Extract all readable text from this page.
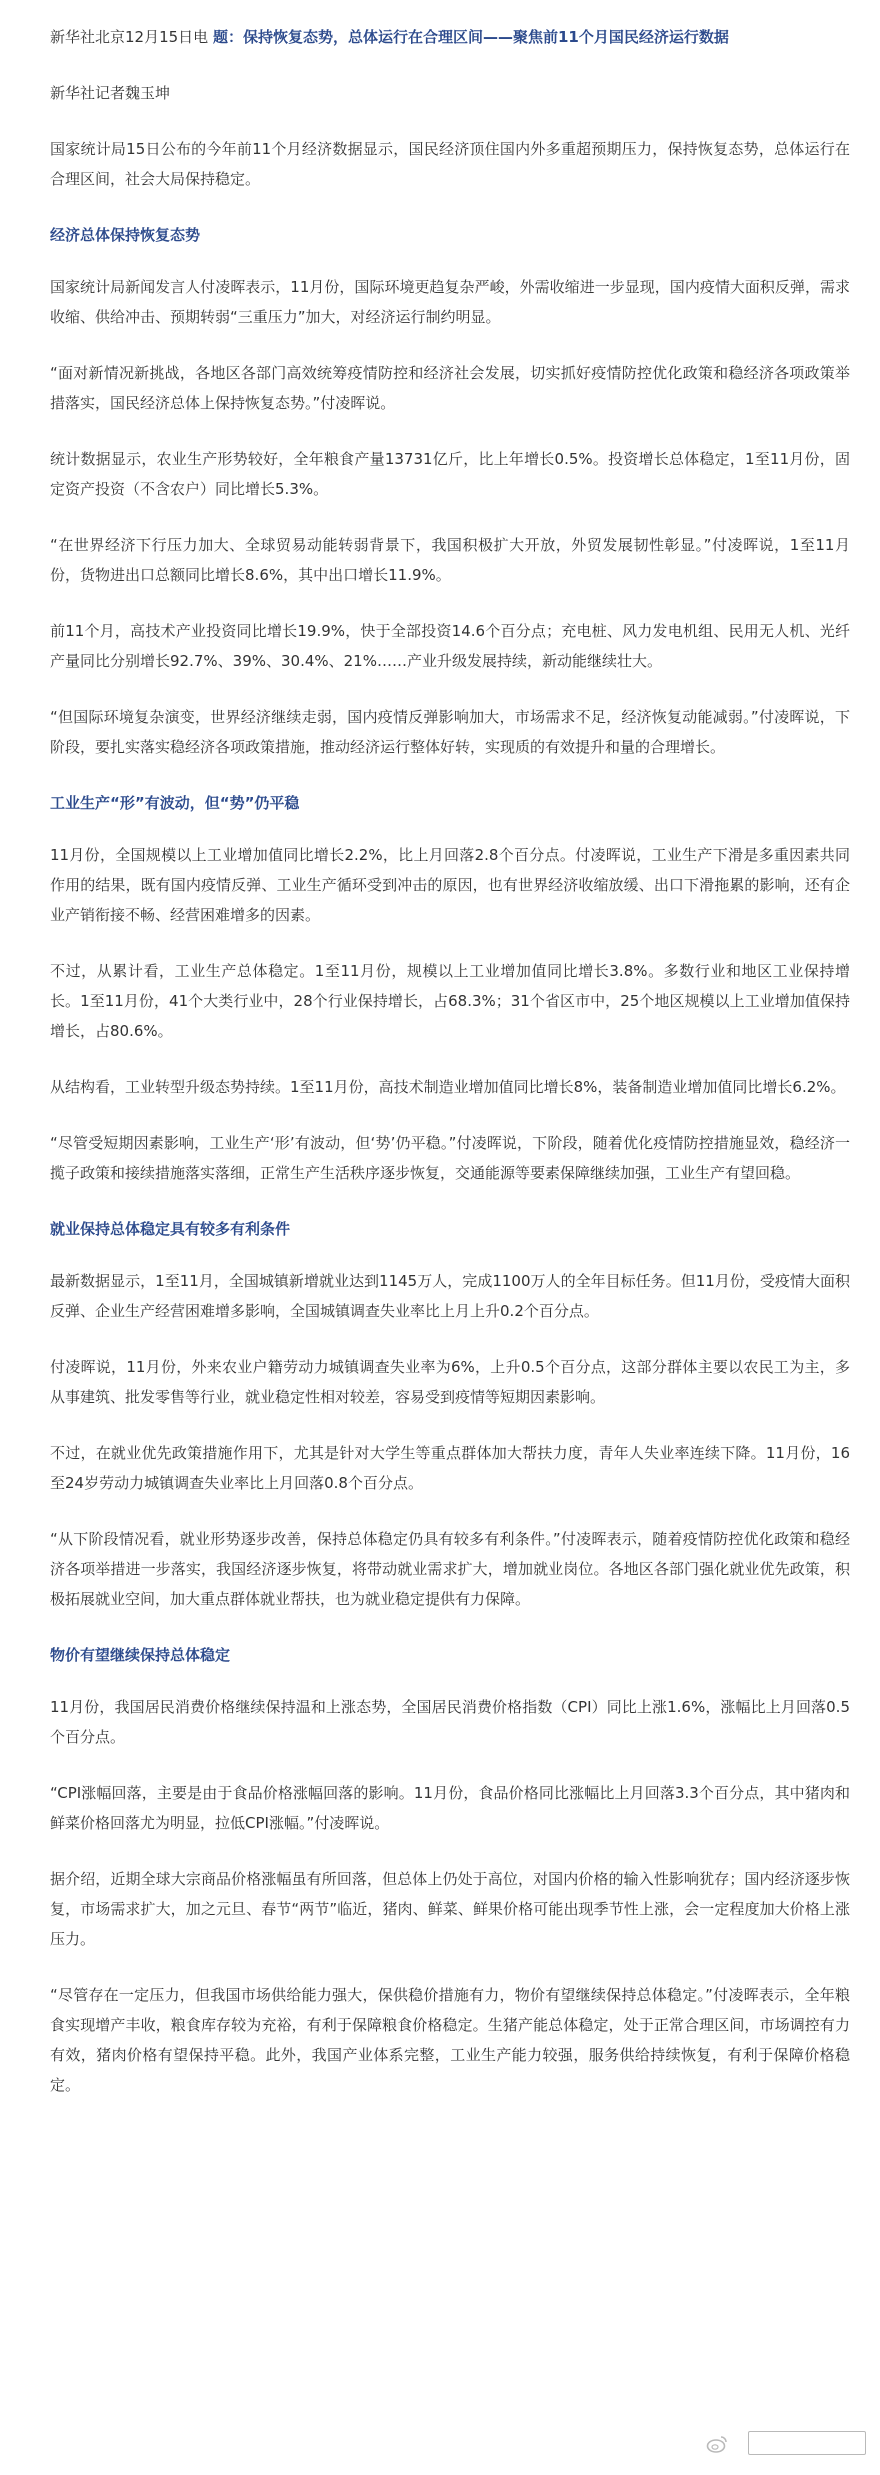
新华社北京12月15日电 题：保持恢复态势，总体运行在合理区间——聚焦前11个月国民经济运行数据

新华社记者魏玉坤

国家统计局15日公布的今年前11个月经济数据显示，国民经济顶住国内外多重超预期压力，保持恢复态势，总体运行在合理区间，社会大局保持稳定。

经济总体保持恢复态势

国家统计局新闻发言人付凌晖表示，11月份，国际环境更趋复杂严峻，外需收缩进一步显现，国内疫情大面积反弹，需求收缩、供给冲击、预期转弱“三重压力”加大，对经济运行制约明显。

“面对新情况新挑战，各地区各部门高效统筹疫情防控和经济社会发展，切实抓好疫情防控优化政策和稳经济各项政策举措落实，国民经济总体上保持恢复态势。”付凌晖说。

统计数据显示，农业生产形势较好，全年粮食产量13731亿斤，比上年增长0.5%。投资增长总体稳定，1至11月份，固定资产投资（不含农户）同比增长5.3%。

“在世界经济下行压力加大、全球贸易动能转弱背景下，我国积极扩大开放，外贸发展韧性彰显。”付凌晖说，1至11月份，货物进出口总额同比增长8.6%，其中出口增长11.9%。

前11个月，高技术产业投资同比增长19.9%，快于全部投资14.6个百分点；充电桩、风力发电机组、民用无人机、光纤产量同比分别增长92.7%、39%、30.4%、21%……产业升级发展持续，新动能继续壮大。

“但国际环境复杂演变，世界经济继续走弱，国内疫情反弹影响加大，市场需求不足，经济恢复动能减弱。”付凌晖说，下阶段，要扎实落实稳经济各项政策措施，推动经济运行整体好转，实现质的有效提升和量的合理增长。

工业生产“形”有波动，但“势”仍平稳

11月份，全国规模以上工业增加值同比增长2.2%，比上月回落2.8个百分点。付凌晖说，工业生产下滑是多重因素共同作用的结果，既有国内疫情反弹、工业生产循环受到冲击的原因，也有世界经济收缩放缓、出口下滑拖累的影响，还有企业产销衔接不畅、经营困难增多的因素。

不过，从累计看，工业生产总体稳定。1至11月份，规模以上工业增加值同比增长3.8%。多数行业和地区工业保持增长。1至11月份，41个大类行业中，28个行业保持增长，占68.3%；31个省区市中，25个地区规模以上工业增加值保持增长，占80.6%。

从结构看，工业转型升级态势持续。1至11月份，高技术制造业增加值同比增长8%，装备制造业增加值同比增长6.2%。

“尽管受短期因素影响，工业生产‘形’有波动，但‘势’仍平稳。”付凌晖说，下阶段，随着优化疫情防控措施显效，稳经济一揽子政策和接续措施落实落细，正常生产生活秩序逐步恢复，交通能源等要素保障继续加强，工业生产有望回稳。

就业保持总体稳定具有较多有利条件

最新数据显示，1至11月，全国城镇新增就业达到1145万人，完成1100万人的全年目标任务。但11月份，受疫情大面积反弹、企业生产经营困难增多影响，全国城镇调查失业率比上月上升0.2个百分点。

付凌晖说，11月份，外来农业户籍劳动力城镇调查失业率为6%，上升0.5个百分点，这部分群体主要以农民工为主，多从事建筑、批发零售等行业，就业稳定性相对较差，容易受到疫情等短期因素影响。

不过，在就业优先政策措施作用下，尤其是针对大学生等重点群体加大帮扶力度，青年人失业率连续下降。11月份，16至24岁劳动力城镇调查失业率比上月回落0.8个百分点。

“从下阶段情况看，就业形势逐步改善，保持总体稳定仍具有较多有利条件。”付凌晖表示，随着疫情防控优化政策和稳经济各项举措进一步落实，我国经济逐步恢复，将带动就业需求扩大，增加就业岗位。各地区各部门强化就业优先政策，积极拓展就业空间，加大重点群体就业帮扶，也为就业稳定提供有力保障。

物价有望继续保持总体稳定

11月份，我国居民消费价格继续保持温和上涨态势，全国居民消费价格指数（CPI）同比上涨1.6%，涨幅比上月回落0.5个百分点。

“CPI涨幅回落，主要是由于食品价格涨幅回落的影响。11月份，食品价格同比涨幅比上月回落3.3个百分点，其中猪肉和鲜菜价格回落尤为明显，拉低CPI涨幅。”付凌晖说。

据介绍，近期全球大宗商品价格涨幅虽有所回落，但总体上仍处于高位，对国内价格的输入性影响犹存；国内经济逐步恢复，市场需求扩大，加之元旦、春节“两节”临近，猪肉、鲜菜、鲜果价格可能出现季节性上涨，会一定程度加大价格上涨压力。

“尽管存在一定压力，但我国市场供给能力强大，保供稳价措施有力，物价有望继续保持总体稳定。”付凌晖表示，全年粮食实现增产丰收，粮食库存较为充裕，有利于保障粮食价格稳定。生猪产能总体稳定，处于正常合理区间，市场调控有力有效，猪肉价格有望保持平稳。此外，我国产业体系完整，工业生产能力较强，服务供给持续恢复，有利于保障价格稳定。
